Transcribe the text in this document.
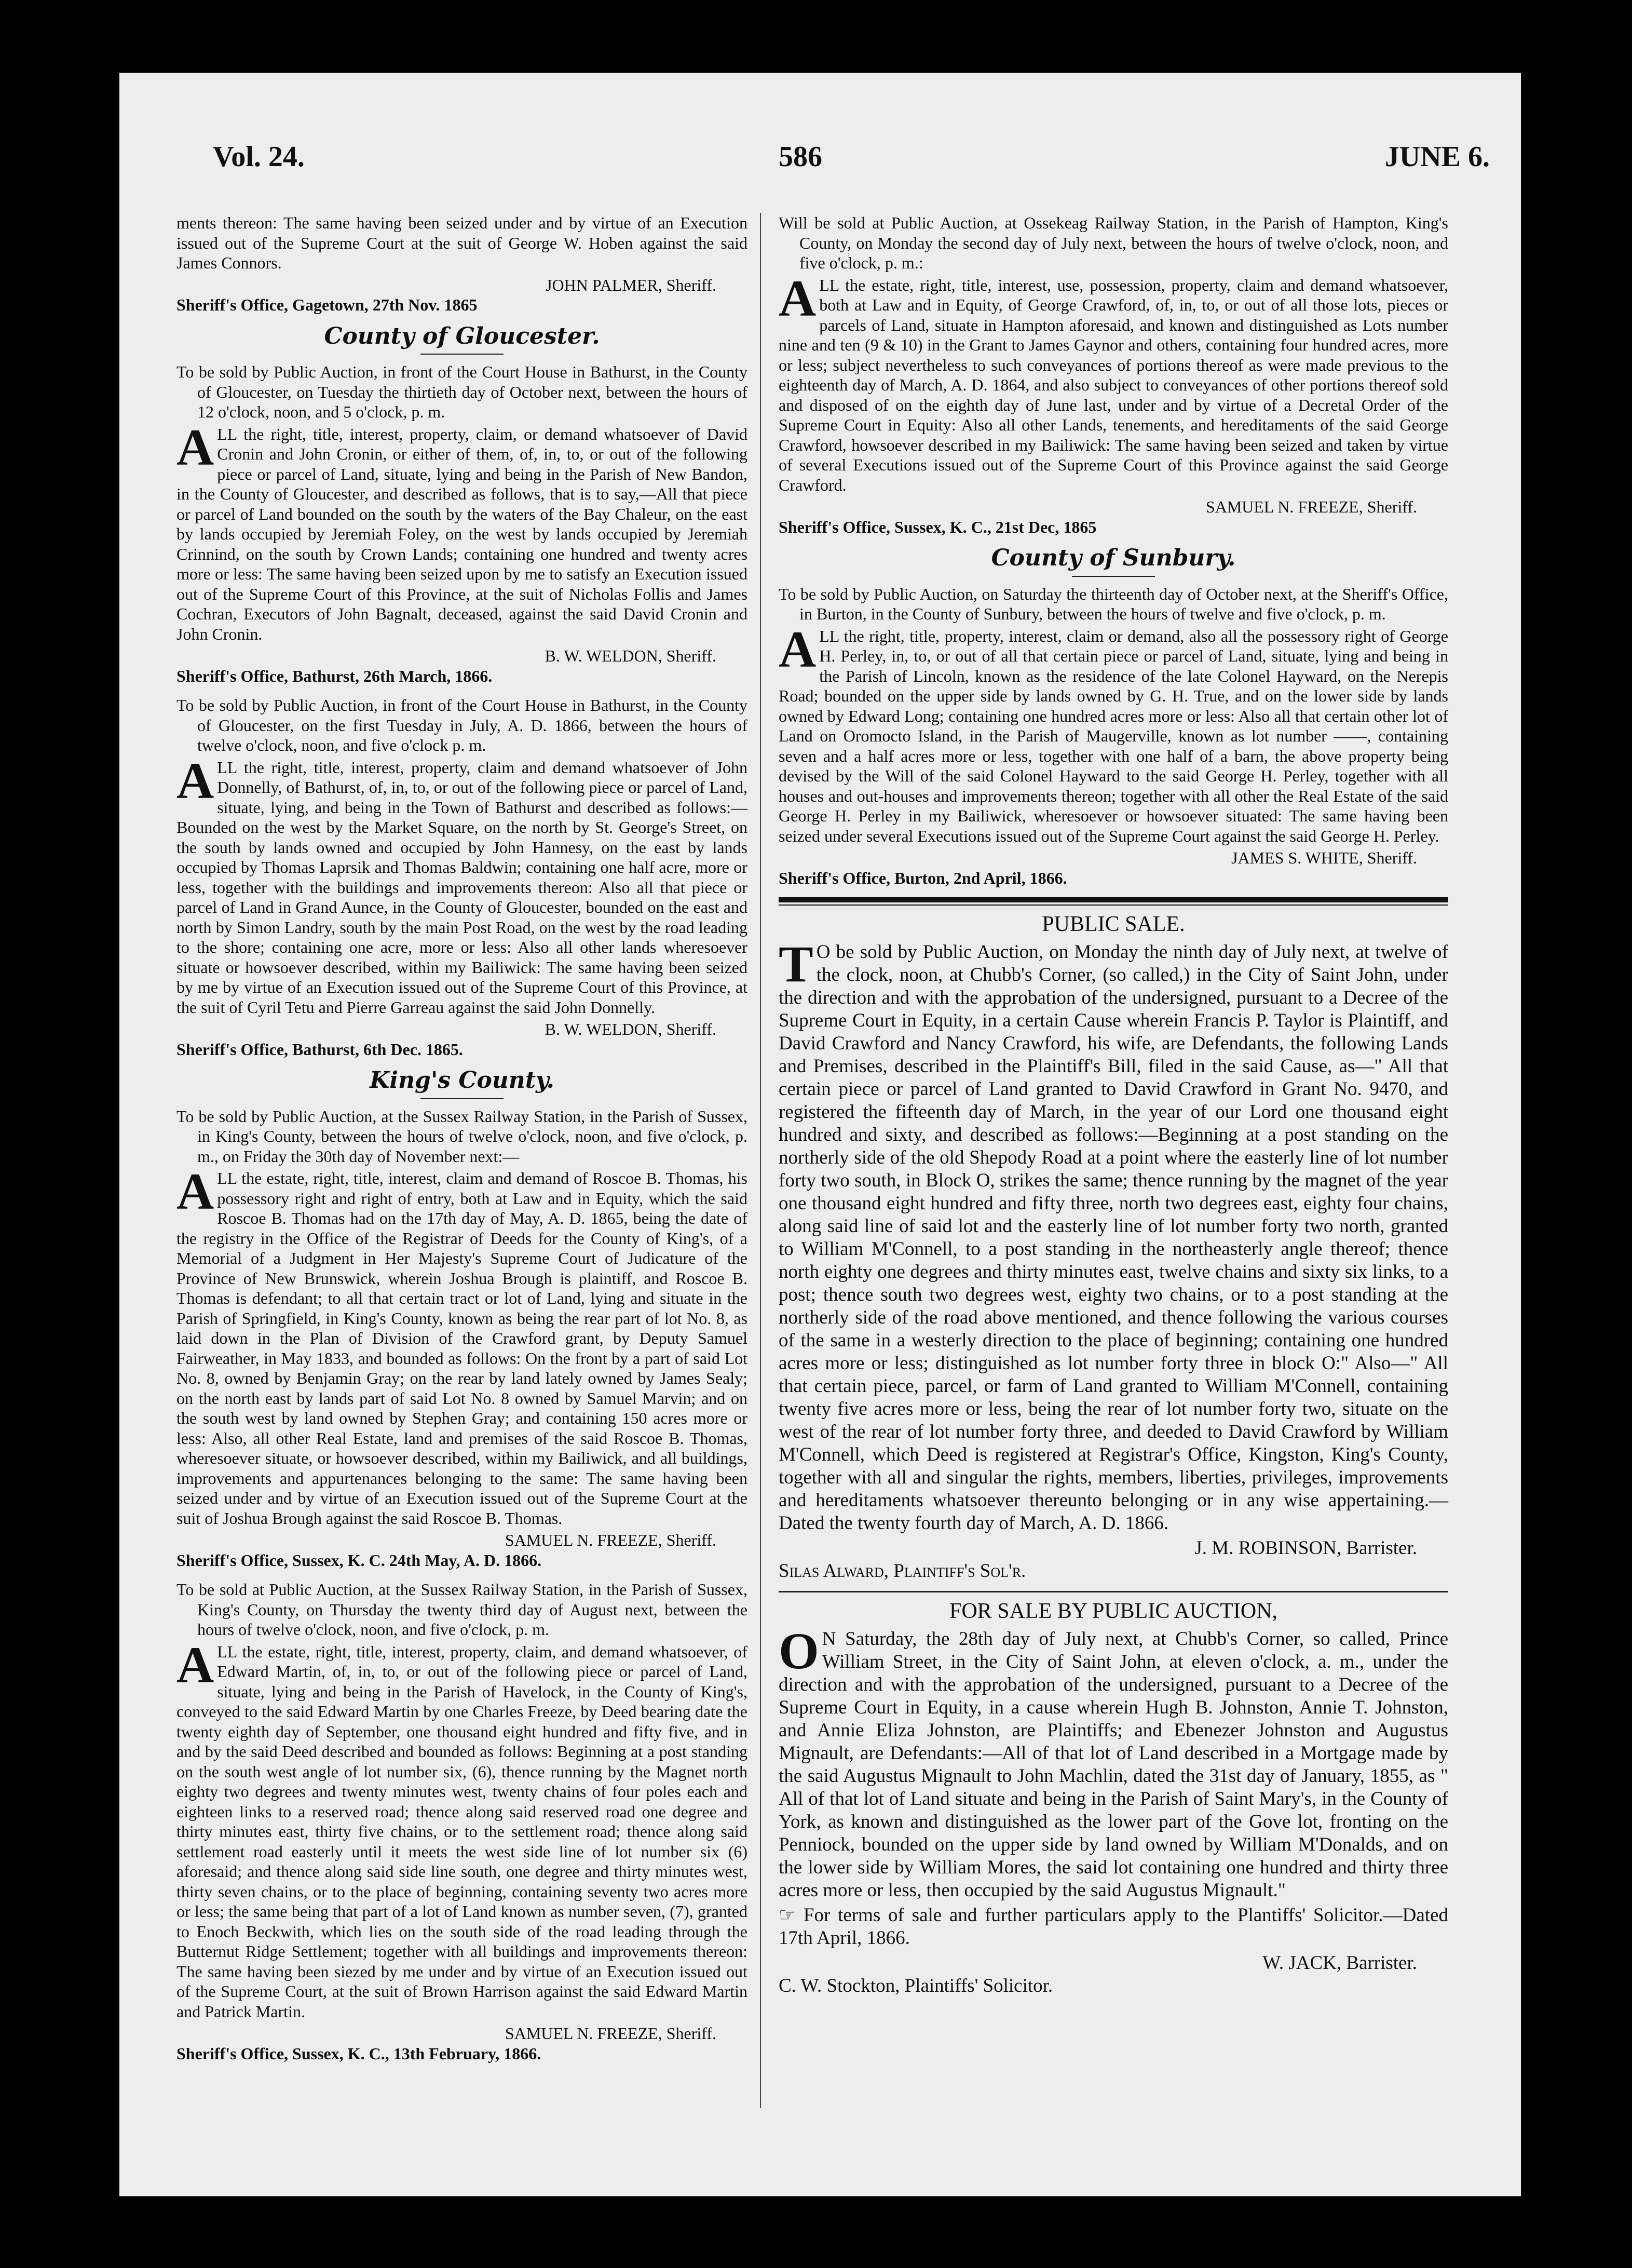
Vol. 24.	586	JUNE 6.

ments thereon: The same having been seized under and by virtue of an Execution issued out of the Supreme Court at the suit of George W. Hoben against the said James Connors.

JOHN PALMER, Sheriff.

Sheriff's Office, Gagetown, 27th Nov. 1865

County of Gloucester.

To be sold by Public Auction, in front of the Court House in Bathurst, in the County of Gloucester, on Tuesday the thirtieth day of October next, between the hours of 12 o'clock, noon, and 5 o'clock, p. m.

ALL the right, title, interest, property, claim, or demand whatsoever of David Cronin and John Cronin, or either of them, of, in, to, or out of the following piece or parcel of Land, situate, lying and being in the Parish of New Bandon, in the County of Gloucester, and described as follows, that is to say,—All that piece or parcel of Land bounded on the south by the waters of the Bay Chaleur, on the east by lands occupied by Jeremiah Foley, on the west by lands occupied by Jeremiah Crinnind, on the south by Crown Lands; containing one hundred and twenty acres more or less: The same having been seized upon by me to satisfy an Execution issued out of the Supreme Court of this Province, at the suit of Nicholas Follis and James Cochran, Executors of John Bagnalt, deceased, against the said David Cronin and John Cronin.

B. W. WELDON, Sheriff.

Sheriff's Office, Bathurst, 26th March, 1866.

To be sold by Public Auction, in front of the Court House in Bathurst, in the County of Gloucester, on the first Tuesday in July, A. D. 1866, between the hours of twelve o'clock, noon, and five o'clock p. m.

ALL the right, title, interest, property, claim and demand whatsoever of John Donnelly, of Bathurst, of, in, to, or out of the following piece or parcel of Land, situate, lying, and being in the Town of Bathurst and described as follows:—Bounded on the west by the Market Square, on the north by St. George's Street, on the south by lands owned and occupied by John Hannesy, on the east by lands occupied by Thomas Laprsik and Thomas Baldwin; containing one half acre, more or less, together with the buildings and improvements thereon: Also all that piece or parcel of Land in Grand Aunce, in the County of Gloucester, bounded on the east and north by Simon Landry, south by the main Post Road, on the west by the road leading to the shore; containing one acre, more or less: Also all other lands wheresoever situate or howsoever described, within my Bailiwick: The same having been seized by me by virtue of an Execution issued out of the Supreme Court of this Province, at the suit of Cyril Tetu and Pierre Garreau against the said John Donnelly.

B. W. WELDON, Sheriff.

Sheriff's Office, Bathurst, 6th Dec. 1865.

King's County.

To be sold by Public Auction, at the Sussex Railway Station, in the Parish of Sussex, in King's County, between the hours of twelve o'clock, noon, and five o'clock, p. m., on Friday the 30th day of November next:—

ALL the estate, right, title, interest, claim and demand of Roscoe B. Thomas, his possessory right and right of entry, both at Law and in Equity, which the said Roscoe B. Thomas had on the 17th day of May, A. D. 1865, being the date of the registry in the Office of the Registrar of Deeds for the County of King's, of a Memorial of a Judgment in Her Majesty's Supreme Court of Judicature of the Province of New Brunswick, wherein Joshua Brough is plaintiff, and Roscoe B. Thomas is defendant; to all that certain tract or lot of Land, lying and situate in the Parish of Springfield, in King's County, known as being the rear part of lot No. 8, as laid down in the Plan of Division of the Crawford grant, by Deputy Samuel Fairweather, in May 1833, and bounded as follows: On the front by a part of said Lot No. 8, owned by Benjamin Gray; on the rear by land lately owned by James Sealy; on the north east by lands part of said Lot No. 8 owned by Samuel Marvin; and on the south west by land owned by Stephen Gray; and containing 150 acres more or less: Also, all other Real Estate, land and premises of the said Roscoe B. Thomas, wheresoever situate, or howsoever described, within my Bailiwick, and all buildings, improvements and appurtenances belonging to the same: The same having been seized under and by virtue of an Execution issued out of the Supreme Court at the suit of Joshua Brough against the said Roscoe B. Thomas.

SAMUEL N. FREEZE, Sheriff.

Sheriff's Office, Sussex, K. C. 24th May, A. D. 1866.

To be sold at Public Auction, at the Sussex Railway Station, in the Parish of Sussex, King's County, on Thursday the twenty third day of August next, between the hours of twelve o'clock, noon, and five o'clock, p. m.

ALL the estate, right, title, interest, property, claim, and demand whatsoever, of Edward Martin, of, in, to, or out of the following piece or parcel of Land, situate, lying and being in the Parish of Havelock, in the County of King's, conveyed to the said Edward Martin by one Charles Freeze, by Deed bearing date the twenty eighth day of September, one thousand eight hundred and fifty five, and in and by the said Deed described and bounded as follows: Beginning at a post standing on the south west angle of lot number six, (6), thence running by the Magnet north eighty two degrees and twenty minutes west, twenty chains of four poles each and eighteen links to a reserved road; thence along said reserved road one degree and thirty minutes east, thirty five chains, or to the settlement road; thence along said settlement road easterly until it meets the west side line of lot number six (6) aforesaid; and thence along said side line south, one degree and thirty minutes west, thirty seven chains, or to the place of beginning, containing seventy two acres more or less; the same being that part of a lot of Land known as number seven, (7), granted to Enoch Beckwith, which lies on the south side of the road leading through the Butternut Ridge Settlement; together with all buildings and improvements thereon: The same having been siezed by me under and by virtue of an Execution issued out of the Supreme Court, at the suit of Brown Harrison against the said Edward Martin and Patrick Martin.

SAMUEL N. FREEZE, Sheriff.

Sheriff's Office, Sussex, K. C., 13th February, 1866.

Will be sold at Public Auction, at Ossekeag Railway Station, in the Parish of Hampton, King's County, on Monday the second day of July next, between the hours of twelve o'clock, noon, and five o'clock, p. m.:

ALL the estate, right, title, interest, use, possession, property, claim and demand whatsoever, both at Law and in Equity, of George Crawford, of, in, to, or out of all those lots, pieces or parcels of Land, situate in Hampton aforesaid, and known and distinguished as Lots number nine and ten (9 & 10) in the Grant to James Gaynor and others, containing four hundred acres, more or less; subject nevertheless to such conveyances of portions thereof as were made previous to the eighteenth day of March, A. D. 1864, and also subject to conveyances of other portions thereof sold and disposed of on the eighth day of June last, under and by virtue of a Decretal Order of the Supreme Court in Equity: Also all other Lands, tenements, and hereditaments of the said George Crawford, howsoever described in my Bailiwick: The same having been seized and taken by virtue of several Executions issued out of the Supreme Court of this Province against the said George Crawford.

SAMUEL N. FREEZE, Sheriff.

Sheriff's Office, Sussex, K. C., 21st Dec, 1865

County of Sunbury.

To be sold by Public Auction, on Saturday the thirteenth day of October next, at the Sheriff's Office, in Burton, in the County of Sunbury, between the hours of twelve and five o'clock, p. m.

ALL the right, title, property, interest, claim or demand, also all the possessory right of George H. Perley, in, to, or out of all that certain piece or parcel of Land, situate, lying and being in the Parish of Lincoln, known as the residence of the late Colonel Hayward, on the Nerepis Road; bounded on the upper side by lands owned by G. H. True, and on the lower side by lands owned by Edward Long; containing one hundred acres more or less: Also all that certain other lot of Land on Oromocto Island, in the Parish of Maugerville, known as lot number ——, containing seven and a half acres more or less, together with one half of a barn, the above property being devised by the Will of the said Colonel Hayward to the said George H. Perley, together with all houses and out-houses and improvements thereon; together with all other the Real Estate of the said George H. Perley in my Bailiwick, wheresoever or howsoever situated: The same having been seized under several Executions issued out of the Supreme Court against the said George H. Perley.

JAMES S. WHITE, Sheriff.

Sheriff's Office, Burton, 2nd April, 1866.

PUBLIC SALE.

T O be sold by Public Auction, on Monday the ninth day of July next, at twelve of the clock, noon, at Chubb's Corner, (so called,) in the City of Saint John, under the direction and with the approbation of the undersigned, pursuant to a Decree of the Supreme Court in Equity, in a certain Cause wherein Francis P. Taylor is Plaintiff, and David Crawford and Nancy Crawford, his wife, are Defendants, the following Lands and Premises, described in the Plaintiff's Bill, filed in the said Cause, as—" All that certain piece or parcel of Land granted to David Crawford in Grant No. 9470, and registered the fifteenth day of March, in the year of our Lord one thousand eight hundred and sixty, and described as follows:—Beginning at a post standing on the northerly side of the old Shepody Road at a point where the easterly line of lot number forty two south, in Block O, strikes the same; thence running by the magnet of the year one thousand eight hundred and fifty three, north two degrees east, eighty four chains, along said line of said lot and the easterly line of lot number forty two north, granted to William M'Connell, to a post standing in the northeasterly angle thereof; thence north eighty one degrees and thirty minutes east, twelve chains and sixty six links, to a post; thence south two degrees west, eighty two chains, or to a post standing at the northerly side of the road above mentioned, and thence following the various courses of the same in a westerly direction to the place of beginning; containing one hundred acres more or less; distinguished as lot number forty three in block O:" Also—" All that certain piece, parcel, or farm of Land granted to William M'Connell, containing twenty five acres more or less, being the rear of lot number forty two, situate on the west of the rear of lot number forty three, and deeded to David Crawford by William M'Connell, which Deed is registered at Registrar's Office, Kingston, King's County, together with all and singular the rights, members, liberties, privileges, improvements and hereditaments whatsoever thereunto belonging or in any wise appertaining.—Dated the twenty fourth day of March, A. D. 1866.

J. M. ROBINSON, Barrister.

Silas Alward, Plaintiff's Sol'r.

FOR SALE BY PUBLIC AUCTION,

O N Saturday, the 28th day of July next, at Chubb's Corner, so called, Prince William Street, in the City of Saint John, at eleven o'clock, a. m., under the direction and with the approbation of the undersigned, pursuant to a Decree of the Supreme Court in Equity, in a cause wherein Hugh B. Johnston, Annie T. Johnston, and Annie Eliza Johnston, are Plaintiffs; and Ebenezer Johnston and Augustus Mignault, are Defendants:—All of that lot of Land described in a Mortgage made by the said Augustus Mignault to John Machlin, dated the 31st day of January, 1855, as " All of that lot of Land situate and being in the Parish of Saint Mary's, in the County of York, as known and distinguished as the lower part of the Gove lot, fronting on the Penniock, bounded on the upper side by land owned by William M'Donalds, and on the lower side by William Mores, the said lot containing one hundred and thirty three acres more or less, then occupied by the said Augustus Mignault."

☞ For terms of sale and further particulars apply to the Plantiffs' Solicitor.—Dated 17th April, 1866.

W. JACK, Barrister.

C. W. Stockton, Plaintiffs' Solicitor.
